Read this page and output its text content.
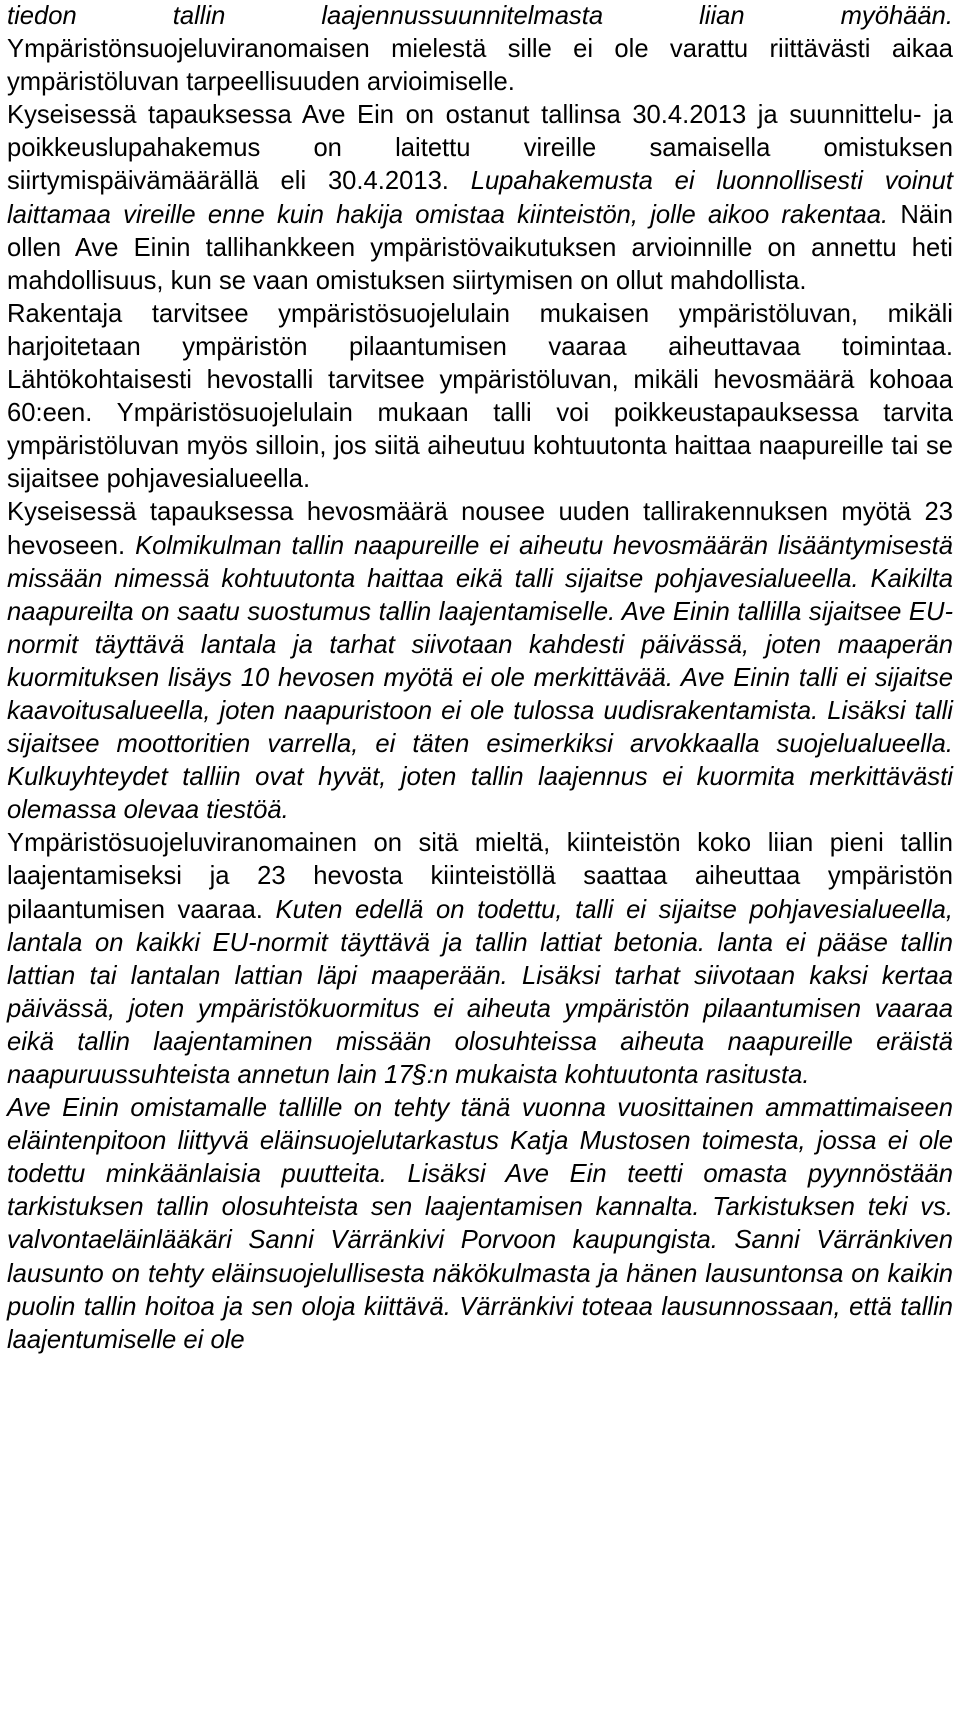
tiedon tallin laajennussuunnitelmasta liian myöhään. Ympäristönsuojeluviranomaisen mielestä sille ei ole varattu riittävästi aikaa ympäristöluvan tarpeellisuuden arvioimiselle.

Kyseisessä tapauksessa Ave Ein on ostanut tallinsa 30.4.2013 ja suunnittelu- ja poikkeuslupahakemus on laitettu vireille samaisella omistuksen siirtymispäivämäärällä eli 30.4.2013. Lupahakemusta ei luonnollisesti voinut laittamaa vireille enne kuin hakija omistaa kiinteistön, jolle aikoo rakentaa. Näin ollen Ave Einin tallihankkeen ympäristövaikutuksen arvioinnille on annettu heti mahdollisuus, kun se vaan omistuksen siirtymisen on ollut mahdollista.

Rakentaja tarvitsee ympäristösuojelulain mukaisen ympäristöluvan, mikäli harjoitetaan ympäristön pilaantumisen vaaraa aiheuttavaa toimintaa. Lähtökohtaisesti hevostalli tarvitsee ympäristöluvan, mikäli hevosmäärä kohoaa 60:een. Ympäristösuojelulain mukaan talli voi poikkeustapauksessa tarvita ympäristöluvan myös silloin, jos siitä aiheutuu kohtuutonta haittaa naapureille tai se sijaitsee pohjavesialueella.

Kyseisessä tapauksessa hevosmäärä nousee uuden tallirakennuksen myötä 23 hevoseen. Kolmikulman tallin naapureille ei aiheutu hevosmäärän lisääntymisestä missään nimessä kohtuutonta haittaa eikä talli sijaitse pohjavesialueella. Kaikilta naapureilta on saatu suostumus tallin laajentamiselle. Ave Einin tallilla sijaitsee EU-normit täyttävä lantala ja tarhat siivotaan kahdesti päivässä, joten maaperän kuormituksen lisäys 10 hevosen myötä ei ole merkittävää. Ave Einin talli ei sijaitse kaavoitusalueella, joten naapuristoon ei ole tulossa uudisrakentamista. Lisäksi talli sijaitsee moottoritien varrella, ei täten esimerkiksi arvokkaalla suojelualueella. Kulkuyhteydet talliin ovat hyvät, joten tallin laajennus ei kuormita merkittävästi olemassa olevaa tiestöä.

Ympäristösuojeluviranomainen on sitä mieltä, kiinteistön koko liian pieni tallin laajentamiseksi ja 23 hevosta kiinteistöllä saattaa aiheuttaa ympäristön pilaantumisen vaaraa. Kuten edellä on todettu, talli ei sijaitse pohjavesialueella, lantala on kaikki EU-normit täyttävä ja tallin lattiat betonia. lanta ei pääse tallin lattian tai lantalan lattian läpi maaperään. Lisäksi tarhat siivotaan kaksi kertaa päivässä, joten ympäristökuormitus ei aiheuta ympäristön pilaantumisen vaaraa eikä tallin laajentaminen missään olosuhteissa aiheuta naapureille eräistä naapuruussuhteista annetun lain 17§:n mukaista kohtuutonta rasitusta.

Ave Einin omistamalle tallille on tehty tänä vuonna vuosittainen ammattimaiseen eläintenpitoon liittyvä eläinsuojelutarkastus Katja Mustosen toimesta, jossa ei ole todettu minkäänlaisia puutteita. Lisäksi Ave Ein teetti omasta pyynnöstään tarkistuksen tallin olosuhteista sen laajentamisen kannalta. Tarkistuksen teki vs. valvontaeläinlääkäri Sanni Värränkivi Porvoon kaupungista. Sanni Värränkiven lausunto on tehty eläinsuojelullisesta näkökulmasta ja hänen lausuntonsa on kaikin puolin tallin hoitoa ja sen oloja kiittävä. Värränkivi toteaa lausunnossaan, että tallin laajentumiselle ei ole
